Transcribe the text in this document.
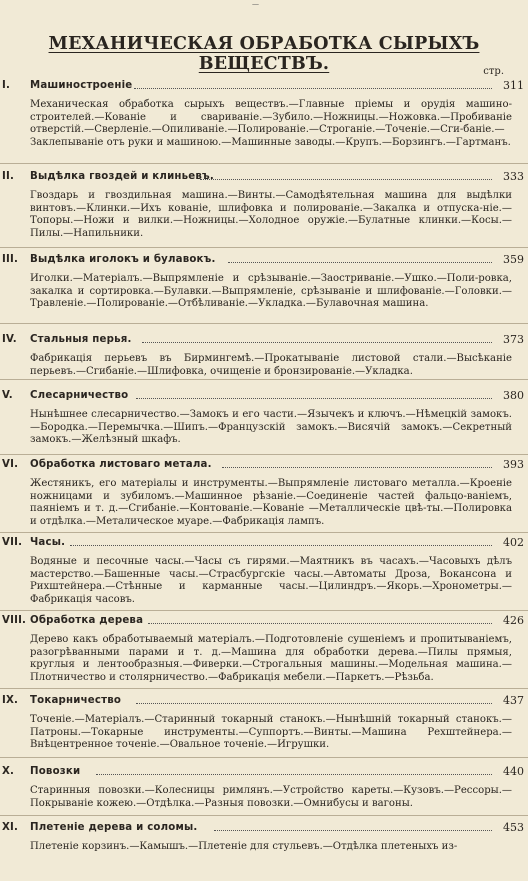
—
МЕХАНИЧЕСКАЯ ОБРАБОТКА СЫРЫХЪ ВЕЩЕСТВЪ.	стр.
I. Машиностроеніе	311
Механическая обработка сырыхъ веществъ.—Главные пріемы и орудія машино-строителей.—Кованіе и свариваніе.—Зубило.—Ножницы.—Ножовка.—Пробиваніе отверстій.—Сверленіе.—Опиливаніе.—Полированіе.—Строганіе.—Точеніе.—Сги-баніе.—Заклепываніе отъ руки и машиною.—Машинные заводы.—Крупъ.—Борзингъ.—Гартманъ.
II. Выдѣлка гвоздей и клиньевъ.	333
Гвоздарь и гвоздильная машина.—Винты.—Самодѣятельная машина для выдѣлки винтовъ.—Клинки.—Ихъ кованіе, шлифовка и полированіе.—Закалка и отпуска-ніе.—Топоры.—Ножи и вилки.—Ножницы.—Холодное оружіе.—Булатные клинки.—Косы.—Пилы.—Напильники.
III. Выдѣлка иголокъ и булавокъ.	359
Иголки.—Матеріалъ.—Выпрямленіе и срѣзываніе.—Заостриваніе.—Ушко.—Поли-ровка, закалка и сортировка.—Булавки.—Выпрямленіе, срѣзываніе и шлифованіе.—Головки.—Травленіе.—Полированіе.—Отбѣливаніе.—Укладка.—Булавочная машина.
IV. Стальныя перья.	373
Фабрикація перьевъ въ Бирмингемѣ.—Прокатываніе листовой стали.—Высѣканіе перьевъ.—Сгибаніе.—Шлифовка, очищеніе и бронзированіе.—Укладка.
V. Слесарничество	380
Нынѣшнее слесарничество.—Замокъ и его части.—Язычекъ и ключъ.—Нѣмецкій замокъ.—Бородка.—Перемычка.—Шипъ.—Французскій замокъ.—Висячій замокъ.—Секретный замокъ.—Желѣзный шкафъ.
VI. Обработка листоваго метала.	393
Жестяникъ, его матеріалы и инструменты.—Выпрямленіе листоваго металла.—Кроеніе ножницами и зубиломъ.—Машинное рѣзаніе.—Соединеніе частей фальцо-ваніемъ, паяніемъ и т. д.—Сгибаніе.—Контованіе.—Кованіе —Металлическіе цвѣ-ты.—Полировка и отдѣлка.—Металическое муаре.—Фабрикація лампъ.
VII. Часы.	402
Водяные и песочные часы.—Часы съ гирями.—Маятникъ въ часахъ.—Часовыхъ дѣлъ мастерство.—Башенные часы.—Страсбургскіе часы.—Автоматы Дроза, Вокансона и Рихштейнера.—Стѣнные и карманные часы.—Цилиндръ.—Якорь.—Хронометры.—Фабрикація часовъ.
VIII. Обработка дерева	426
Дерево какъ обработываемый матеріалъ.—Подготовленіе сушеніемъ и пропитываніемъ, разогрѣванными парами и т. д.—Машина для обработки дерева.—Пилы прямыя, круглыя и лентообразныя.—Фиверки.—Строгальныя машины.—Модельная машина.—Плотничество и столярничество.—Фабрикація мебели.—Паркетъ.—Рѣзьба.
IX. Токарничество	437
Точеніе.—Матеріалъ.—Старинный токарный станокъ.—Нынѣшній токарный станокъ.—Патроны.—Токарные инструменты.—Суппортъ.—Винты.—Машина Рехштейнера.—Внѣцентренное точеніе.—Овальное точеніе.—Игрушки.
X. Повозки	440
Старинныя повозки.—Колесницы римлянъ.—Устройство кареты.—Кузовъ.—Рессоры.—Покрываніе кожею.—Отдѣлка.—Разныя повозки.—Омнибусы и вагоны.
XI. Плетеніе дерева и соломы.	453
Плетеніе корзинъ.—Камышъ.—Плетеніе для стульевъ.—Отдѣлка плетеныхъ из-
